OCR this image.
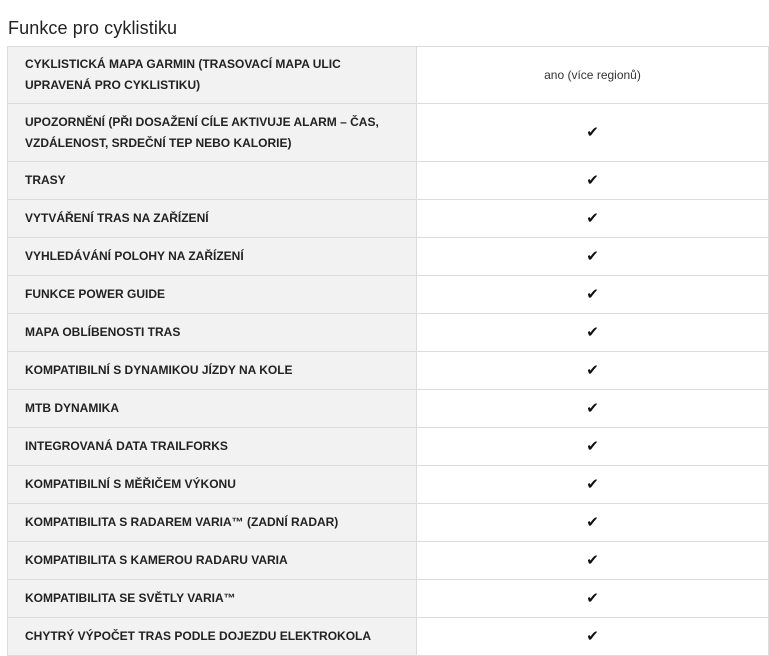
Funkce pro cyklistiku
CYKLISTICKÁ MAPA GARMIN (TRASOVACÍ MAPA ULIC UPRAVENÁ PRO CYKLISTIKU)	ano (více regionů)
UPOZORNĚNÍ (PŘI DOSAŽENÍ CÍLE AKTIVUJE ALARM – ČAS, VZDÁLENOST, SRDEČNÍ TEP NEBO KALORIE)	✔
TRASY	✔
VYTVÁŘENÍ TRAS NA ZAŘÍZENÍ	✔
VYHLEDÁVÁNÍ POLOHY NA ZAŘÍZENÍ	✔
FUNKCE POWER GUIDE	✔
MAPA OBLÍBENOSTI TRAS	✔
KOMPATIBILNÍ S DYNAMIKOU JÍZDY NA KOLE	✔
MTB DYNAMIKA	✔
INTEGROVANÁ DATA TRAILFORKS	✔
KOMPATIBILNÍ S MĚŘIČEM VÝKONU	✔
KOMPATIBILITA S RADAREM VARIA™ (ZADNÍ RADAR)	✔
KOMPATIBILITA S KAMEROU RADARU VARIA	✔
KOMPATIBILITA SE SVĚTLY VARIA™	✔
CHYTRÝ VÝPOČET TRAS PODLE DOJEZDU ELEKTROKOLA	✔
